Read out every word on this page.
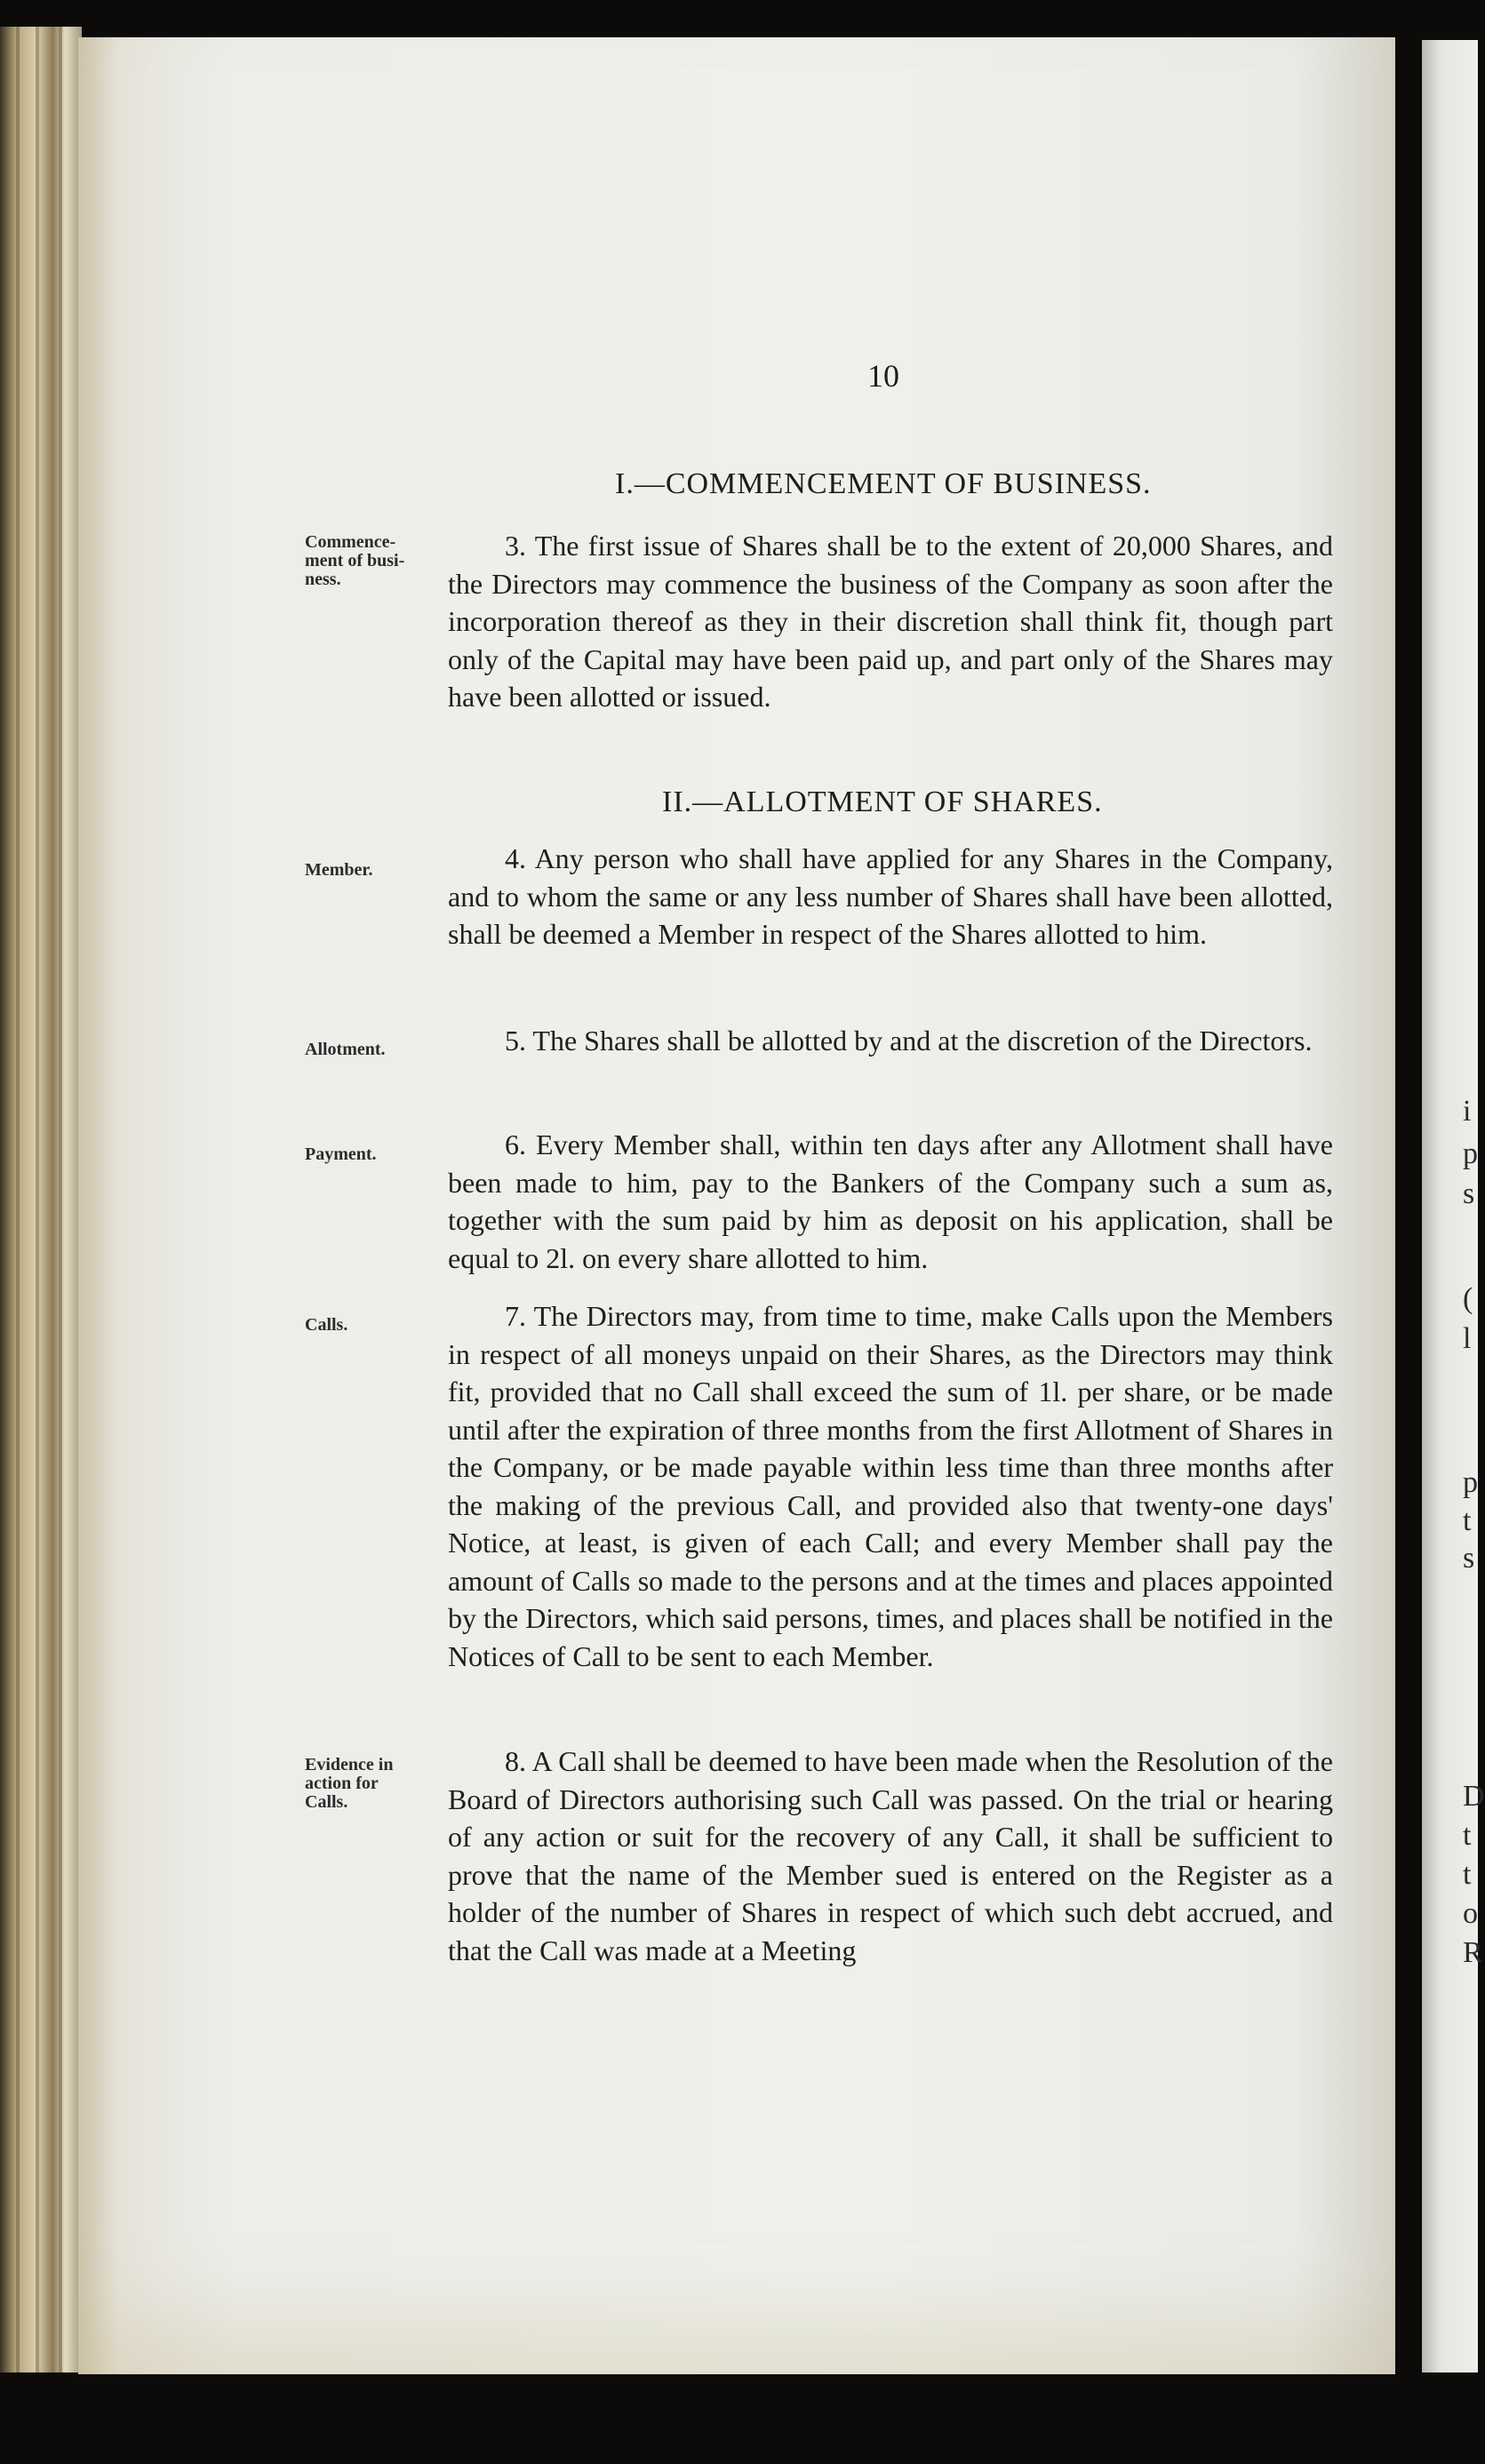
i
p
s
(
l
p
t
s
D
t
t
o
R
10
I.—COMMENCEMENT OF BUSINESS.
Commence-ment of busi-ness.
3. The first issue of Shares shall be to the extent of 20,000 Shares, and the Directors may commence the business of the Company as soon after the incorporation thereof as they in their discretion shall think fit, though part only of the Capital may have been paid up, and part only of the Shares may have been allotted or issued.
II.—ALLOTMENT OF SHARES.
Member.	4. Any person who shall have applied for any Shares in the Company, and to whom the same or any less number of Shares shall have been allotted, shall be deemed a Member in respect of the Shares allotted to him.
Allotment.	5. The Shares shall be allotted by and at the discretion of the Directors.
Payment.	6. Every Member shall, within ten days after any Allotment shall have been made to him, pay to the Bankers of the Company such a sum as, together with the sum paid by him as deposit on his application, shall be equal to 2l. on every share allotted to him.
Calls.	7. The Directors may, from time to time, make Calls upon the Members in respect of all moneys unpaid on their Shares, as the Directors may think fit, provided that no Call shall exceed the sum of 1l. per share, or be made until after the expiration of three months from the first Allotment of Shares in the Company, or be made payable within less time than three months after the making of the previous Call, and provided also that twenty-one days' Notice, at least, is given of each Call; and every Member shall pay the amount of Calls so made to the persons and at the times and places appointed by the Directors, which said persons, times, and places shall be notified in the Notices of Call to be sent to each Member.
Evidence in action for Calls.
8. A Call shall be deemed to have been made when the Resolution of the Board of Directors authorising such Call was passed. On the trial or hearing of any action or suit for the recovery of any Call, it shall be sufficient to prove that the name of the Member sued is entered on the Register as a holder of the number of Shares in respect of which such debt accrued, and that the Call was made at a Meeting
